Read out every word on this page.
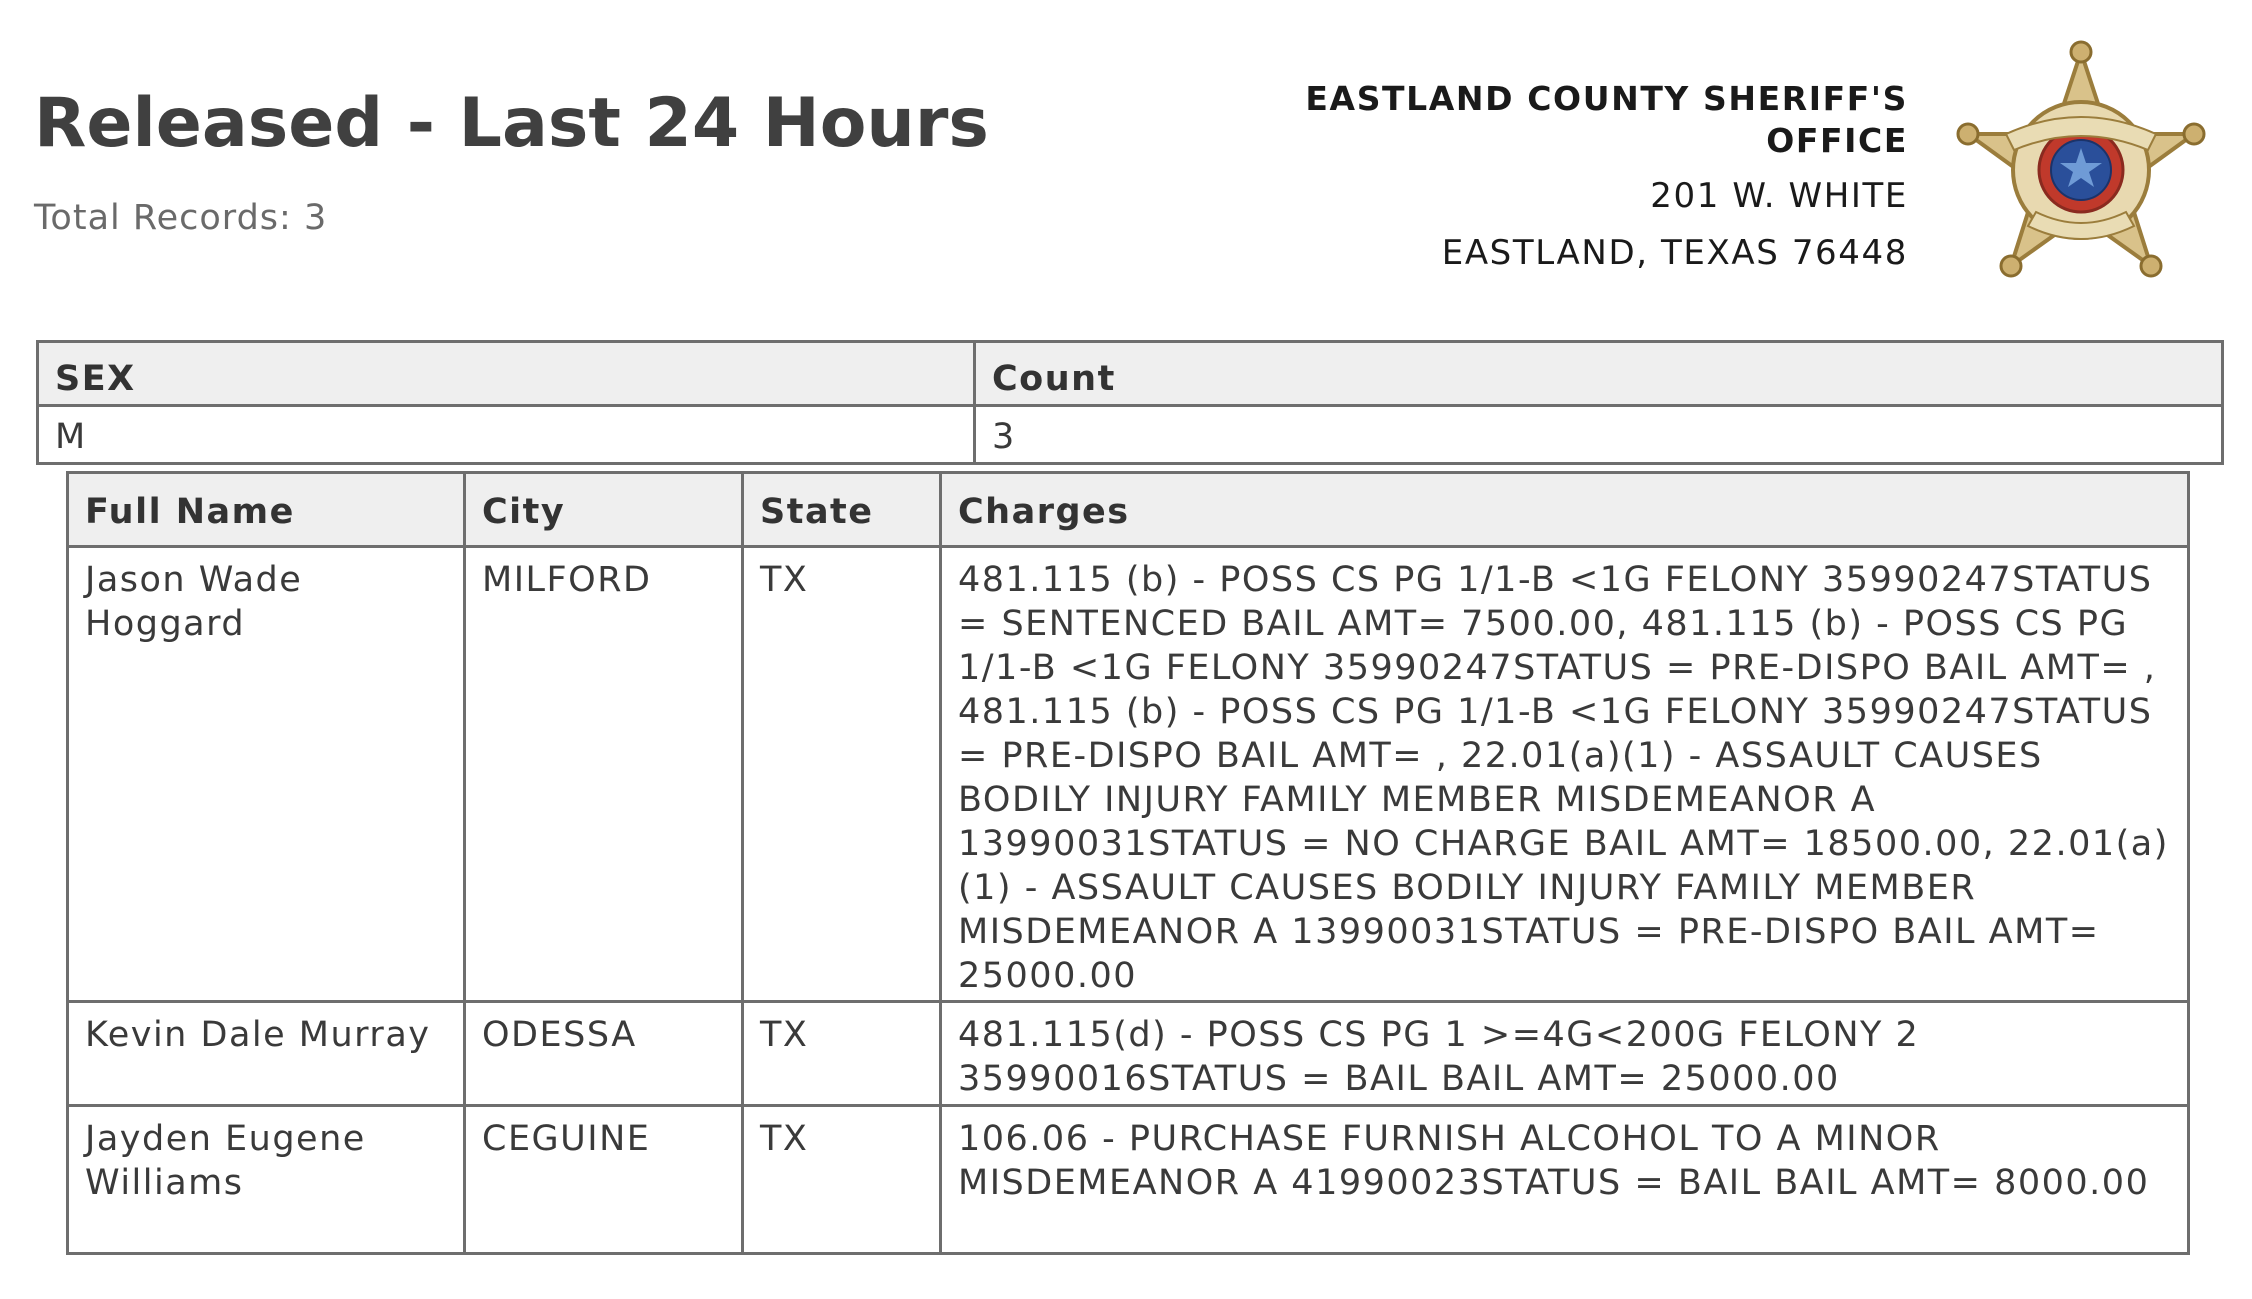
Released - Last 24 Hours
Total Records: 3
EASTLAND COUNTY SHERIFF'S OFFICE
201 W. WHITE
EASTLAND, TEXAS 76448
SEX	Count
M	3
Full Name	City	State	Charges
Jason Wade Hoggard	MILFORD	TX	481.115 (b) - POSS CS PG 1/1-B <1G FELONY 35990247STATUS = SENTENCED BAIL AMT= 7500.00, 481.115 (b) - POSS CS PG 1/1-B <1G FELONY 35990247STATUS = PRE-DISPO BAIL AMT= , 481.115 (b) - POSS CS PG 1/1-B <1G FELONY 35990247STATUS = PRE-DISPO BAIL AMT= , 22.01(a)(1) - ASSAULT CAUSES BODILY INJURY FAMILY MEMBER MISDEMEANOR A 13990031STATUS = NO CHARGE BAIL AMT= 18500.00, 22.01(a)(1) - ASSAULT CAUSES BODILY INJURY FAMILY MEMBER MISDEMEANOR A 13990031STATUS = PRE-DISPO BAIL AMT= 25000.00
Kevin Dale Murray	ODESSA	TX	481.115(d) - POSS CS PG 1 >=4G<200G FELONY 2 35990016STATUS = BAIL BAIL AMT= 25000.00
Jayden Eugene Williams	CEGUINE	TX	106.06 - PURCHASE FURNISH ALCOHOL TO A MINOR MISDEMEANOR A 41990023STATUS = BAIL BAIL AMT= 8000.00
